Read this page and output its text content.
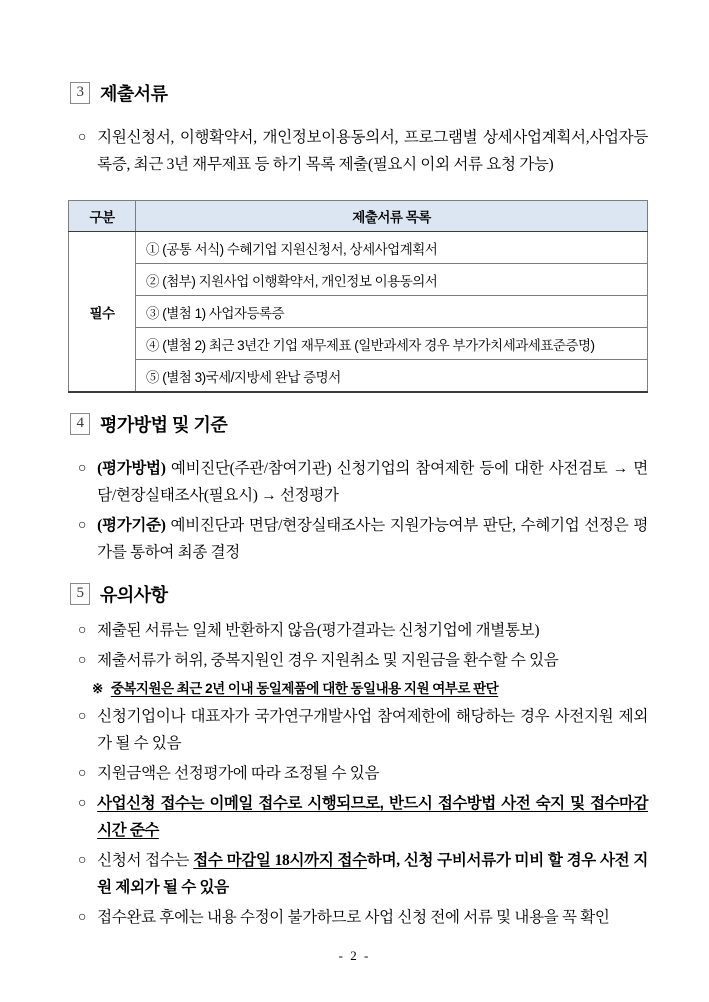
3 제출서류
○ 지원신청서, 이행확약서, 개인정보이용동의서, 프로그램별 상세사업계획서,사업자등록증, 최근 3년 재무제표 등 하기 목록 제출(필요시 이외 서류 요청 가능)

구분	제출서류 목록
필수	① (공통 서식) 수혜기업 지원신청서, 상세사업계획서
	② (첨부) 지원사업 이행확약서, 개인정보 이용동의서
	③ (별첨 1) 사업자등록증
	④ (별첨 2) 최근 3년간 기업 재무제표 (일반과세자 경우 부가가치세과세표준증명)
	⑤ (별첨 3)국세/지방세 완납 증명서
4 평가방법 및 기준
○ (평가방법) 예비진단(주관/참여기관) 신청기업의 참여제한 등에 대한 사전검토 → 면담/현장실태조사(필요시) → 선정평가

○ (평가기준) 예비진단과 면담/현장실태조사는 지원가능여부 판단, 수혜기업 선정은 평가를 통하여 최종 결정

5 유의사항
○ 제출된 서류는 일체 반환하지 않음(평가결과는 신청기업에 개별통보)

○ 제출서류가 허위, 중복지원인 경우 지원취소 및 지원금을 환수할 수 있음

※ 중복지원은 최근 2년 이내 동일제품에 대한 동일내용 지원 여부로 판단
○ 신청기업이나 대표자가 국가연구개발사업 참여제한에 해당하는 경우 사전지원 제외가 될 수 있음

○ 지원금액은 선정평가에 따라 조정될 수 있음

○ 사업신청 접수는 이메일 접수로 시행되므로, 반드시 접수방법 사전 숙지 및 접수마감 시간 준수

○ 신청서 접수는 접수 마감일 18시까지 접수하며, 신청 구비서류가 미비 할 경우 사전 지원 제외가 될 수 있음

○ 접수완료 후에는 내용 수정이 불가하므로 사업 신청 전에 서류 및 내용을 꼭 확인

- 2 -
